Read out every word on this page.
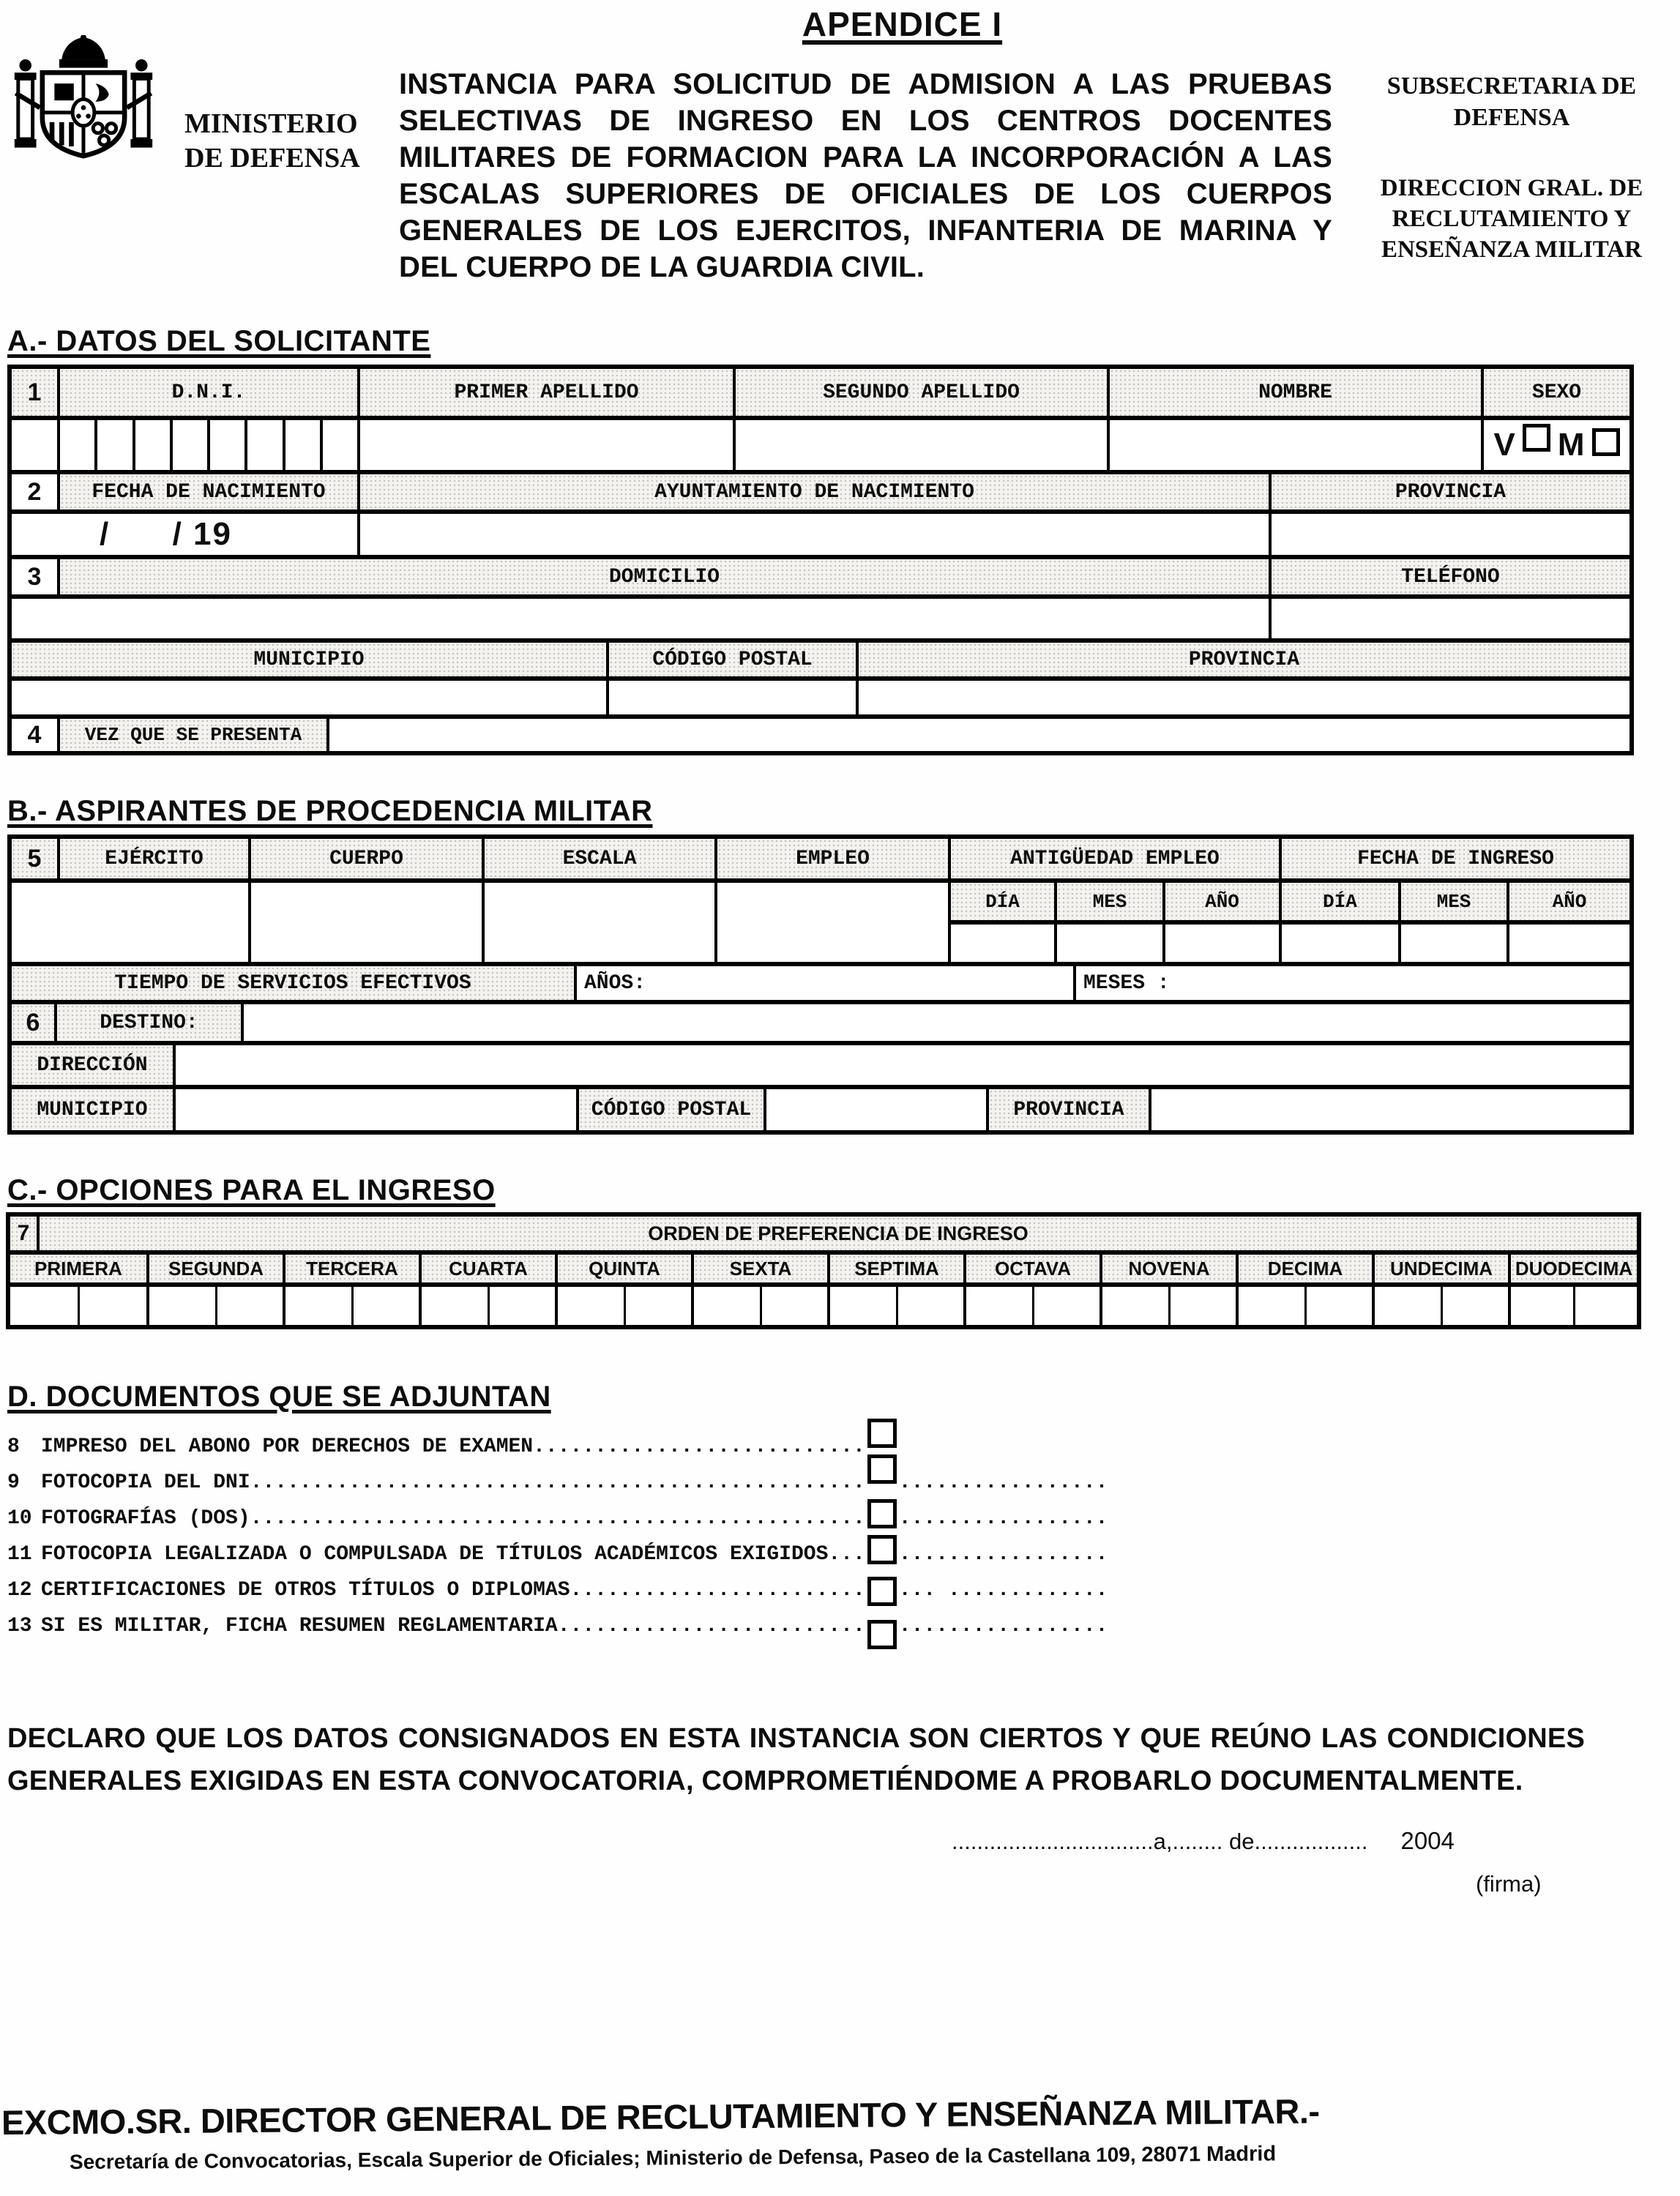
APENDICE I
MINISTERIO
DE DEFENSA
INSTANCIA PARA SOLICITUD DE ADMISION A LAS PRUEBAS SELECTIVAS DE INGRESO EN LOS CENTROS DOCENTES MILITARES DE FORMACION PARA LA INCORPORACIÓN A LAS ESCALAS SUPERIORES DE OFICIALES DE LOS CUERPOS GENERALES DE LOS EJERCITOS, INFANTERIA DE MARINA Y DEL CUERPO DE LA GUARDIA CIVIL.
SUBSECRETARIA DE DEFENSA
DIRECCION GRAL. DE RECLUTAMIENTO Y ENSEÑANZA MILITAR
A.- DATOS DEL SOLICITANTE
1	D.N.I.	PRIMER APELLIDO	SEGUNDO APELLIDO	NOMBRE	SEXO
V M
2	FECHA DE NACIMIENTO	AYUNTAMIENTO DE NACIMIENTO	PROVINCIA
/      / 19
3	DOMICILIO	TELÉFONO
MUNICIPIO	CÓDIGO POSTAL	PROVINCIA
4	VEZ QUE SE PRESENTA
B.- ASPIRANTES DE PROCEDENCIA MILITAR
5	EJÉRCITO	CUERPO	ESCALA	EMPLEO	ANTIGÜEDAD EMPLEO	FECHA DE INGRESO
DÍA	MES	AÑO	DÍA	MES	AÑO
TIEMPO DE SERVICIOS EFECTIVOS	AÑOS:	MESES :
6	DESTINO:
DIRECCIÓN
MUNICIPIO	CÓDIGO POSTAL	PROVINCIA
C.- OPCIONES PARA EL INGRESO
7	ORDEN DE PREFERENCIA DE INGRESO
PRIMERA	SEGUNDA	TERCERA	CUARTA	QUINTA	SEXTA	SEPTIMA	OCTAVA	NOVENA	DECIMA	UNDECIMA	DUODECIMA
D. DOCUMENTOS QUE SE ADJUNTAN
8 IMPRESO DEL ABONO POR DERECHOS DE EXAMEN...........................
9 FOTOCOPIA DEL DNI.................................................. .................
10 FOTOGRAFÍAS (DOS).................................................. .................
11 FOTOCOPIA LEGALIZADA O COMPULSADA DE TÍTULOS ACADÉMICOS EXIGIDOS... .................
12 CERTIFICACIONES DE OTROS TÍTULOS O DIPLOMAS........................ ... .............
13 SI ES MILITAR, FICHA RESUMEN REGLAMENTARIA......................... .................
DECLARO QUE LOS DATOS CONSIGNADOS EN ESTA INSTANCIA SON CIERTOS Y QUE REÚNO LAS CONDICIONES GENERALES EXIGIDAS EN ESTA CONVOCATORIA, COMPROMETIÉNDOME A PROBARLO DOCUMENTALMENTE.
................................a,........ de.................. 2004
(firma)
EXCMO.SR. DIRECTOR GENERAL DE RECLUTAMIENTO Y ENSEÑANZA MILITAR.-
Secretaría de Convocatorias, Escala Superior de Oficiales; Ministerio de Defensa, Paseo de la Castellana 109, 28071 Madrid
